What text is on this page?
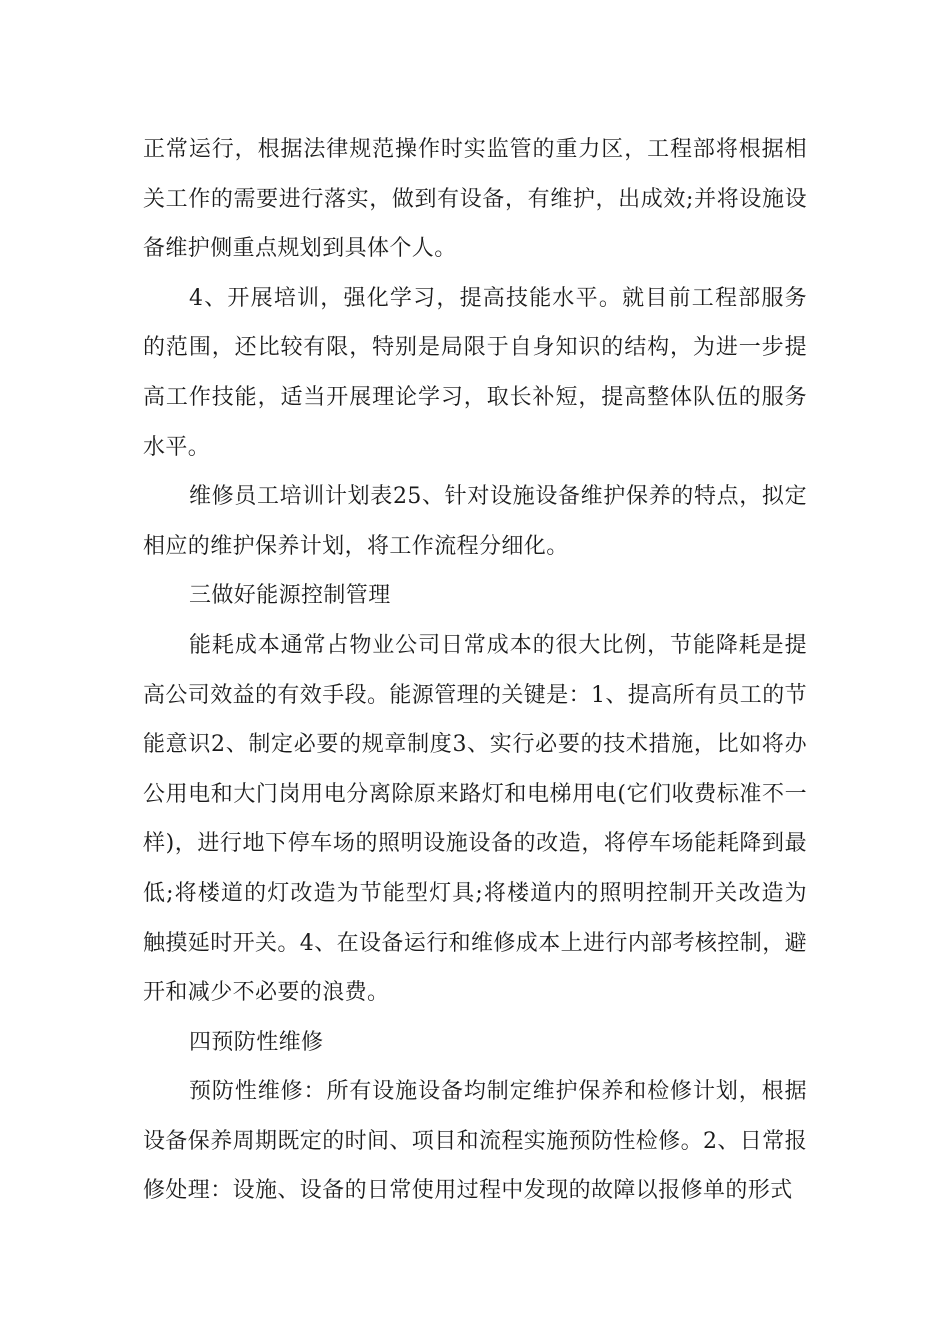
正常运行，根据法律规范操作时实监管的重力区，工程部将根据相关工作的需要进行落实，做到有设备，有维护，出成效;并将设施设备维护侧重点规划到具体个人。

4、开展培训，强化学习，提高技能水平。就目前工程部服务的范围，还比较有限，特别是局限于自身知识的结构，为进一步提高工作技能，适当开展理论学习，取长补短，提高整体队伍的服务水平。

维修员工培训计划表25、针对设施设备维护保养的特点，拟定相应的维护保养计划，将工作流程分细化。

三做好能源控制管理

能耗成本通常占物业公司日常成本的很大比例，节能降耗是提高公司效益的有效手段。能源管理的关键是：1、提高所有员工的节能意识2、制定必要的规章制度3、实行必要的技术措施，比如将办公用电和大门岗用电分离除原来路灯和电梯用电(它们收费标准不一样)，进行地下停车场的照明设施设备的改造，将停车场能耗降到最低;将楼道的灯改造为节能型灯具;将楼道内的照明控制开关改造为触摸延时开关。4、在设备运行和维修成本上进行内部考核控制，避开和减少不必要的浪费。

四预防性维修

预防性维修：所有设施设备均制定维护保养和检修计划，根据设备保养周期既定的时间、项目和流程实施预防性检修。2、日常报修处理：设施、设备的日常使用过程中发现的故障以报修单的形式
